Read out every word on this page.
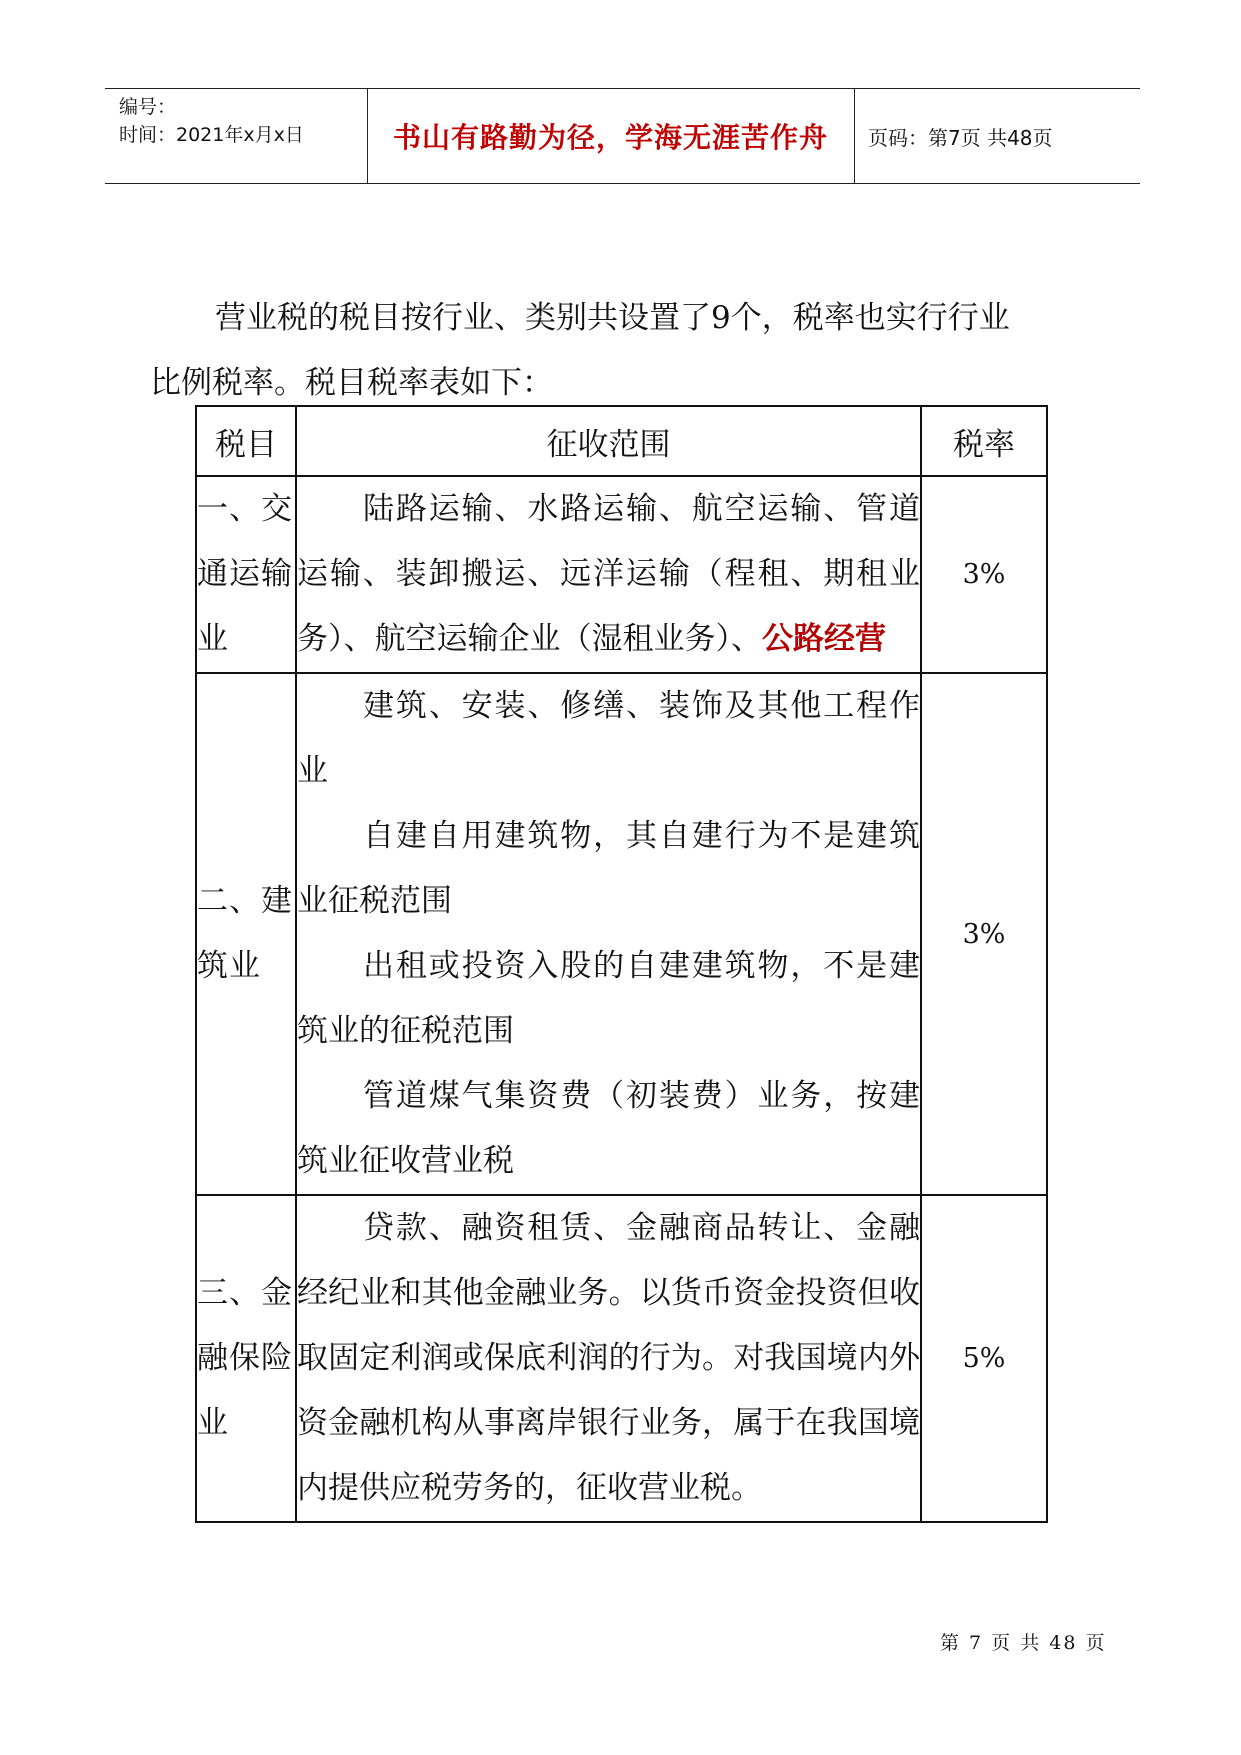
编号：
时间：2021年x月x日	书山有路勤为径，学海无涯苦作舟 页码：第7页 共48页

营业税的税目按行业、类别共设置了9个，税率也实行行业

比例税率。税目税率表如下：

税目	征收范围	税率
一、交通运输业	陆路运输、水路运输、航空运输、管道运输、装卸搬运、远洋运输（程租、期租业务）、航空运输企业（湿租业务）、公路经营	3%
二、建筑业	建筑、安装、修缮、装饰及其他工程作业

自建自用建筑物，其自建行为不是建筑业征税范围

出租或投资入股的自建建筑物，不是建筑业的征税范围

管道煤气集资费（初装费）业务，按建筑业征收营业税	3%
三、金融保险业	贷款、融资租赁、金融商品转让、金融经纪业和其他金融业务。以货币资金投资但收取固定利润或保底利润的行为。对我国境内外资金融机构从事离岸银行业务，属于在我国境内提供应税劳务的，征收营业税。	5%
第 7 页 共 48 页
